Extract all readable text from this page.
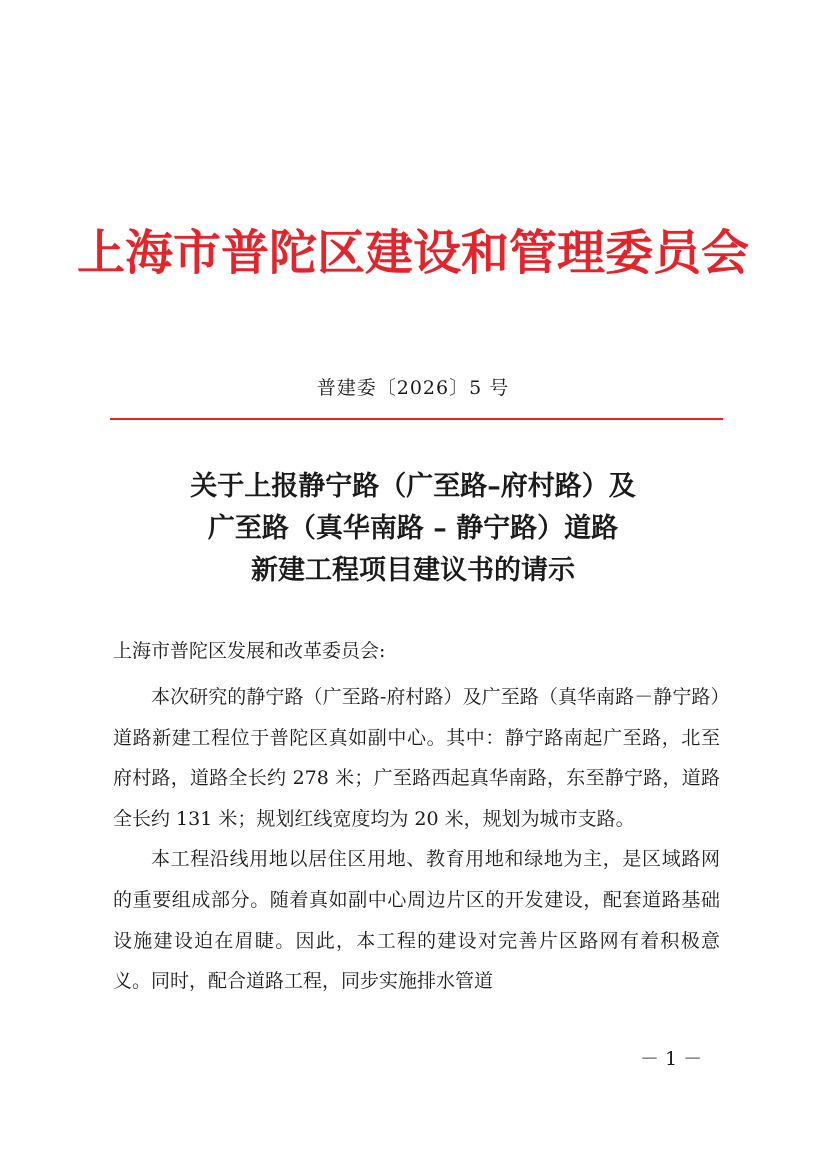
上海市普陀区建设和管理委员会
普建委〔2026〕5 号
关于上报静宁路（广至路–府村路）及
广至路（真华南路 – 静宁路）道路
新建工程项目建议书的请示
上海市普陀区发展和改革委员会:

本次研究的静宁路（广至路-府村路）及广至路（真华南路－静宁路）道路新建工程位于普陀区真如副中心。其中：静宁路南起广至路，北至府村路，道路全长约 278 米；广至路西起真华南路，东至静宁路，道路全长约 131 米；规划红线宽度均为 20 米，规划为城市支路。

本工程沿线用地以居住区用地、教育用地和绿地为主，是区域路网的重要组成部分。随着真如副中心周边片区的开发建设，配套道路基础设施建设迫在眉睫。因此，本工程的建设对完善片区路网有着积极意义。同时，配合道路工程，同步实施排水管道

－ 1 －
